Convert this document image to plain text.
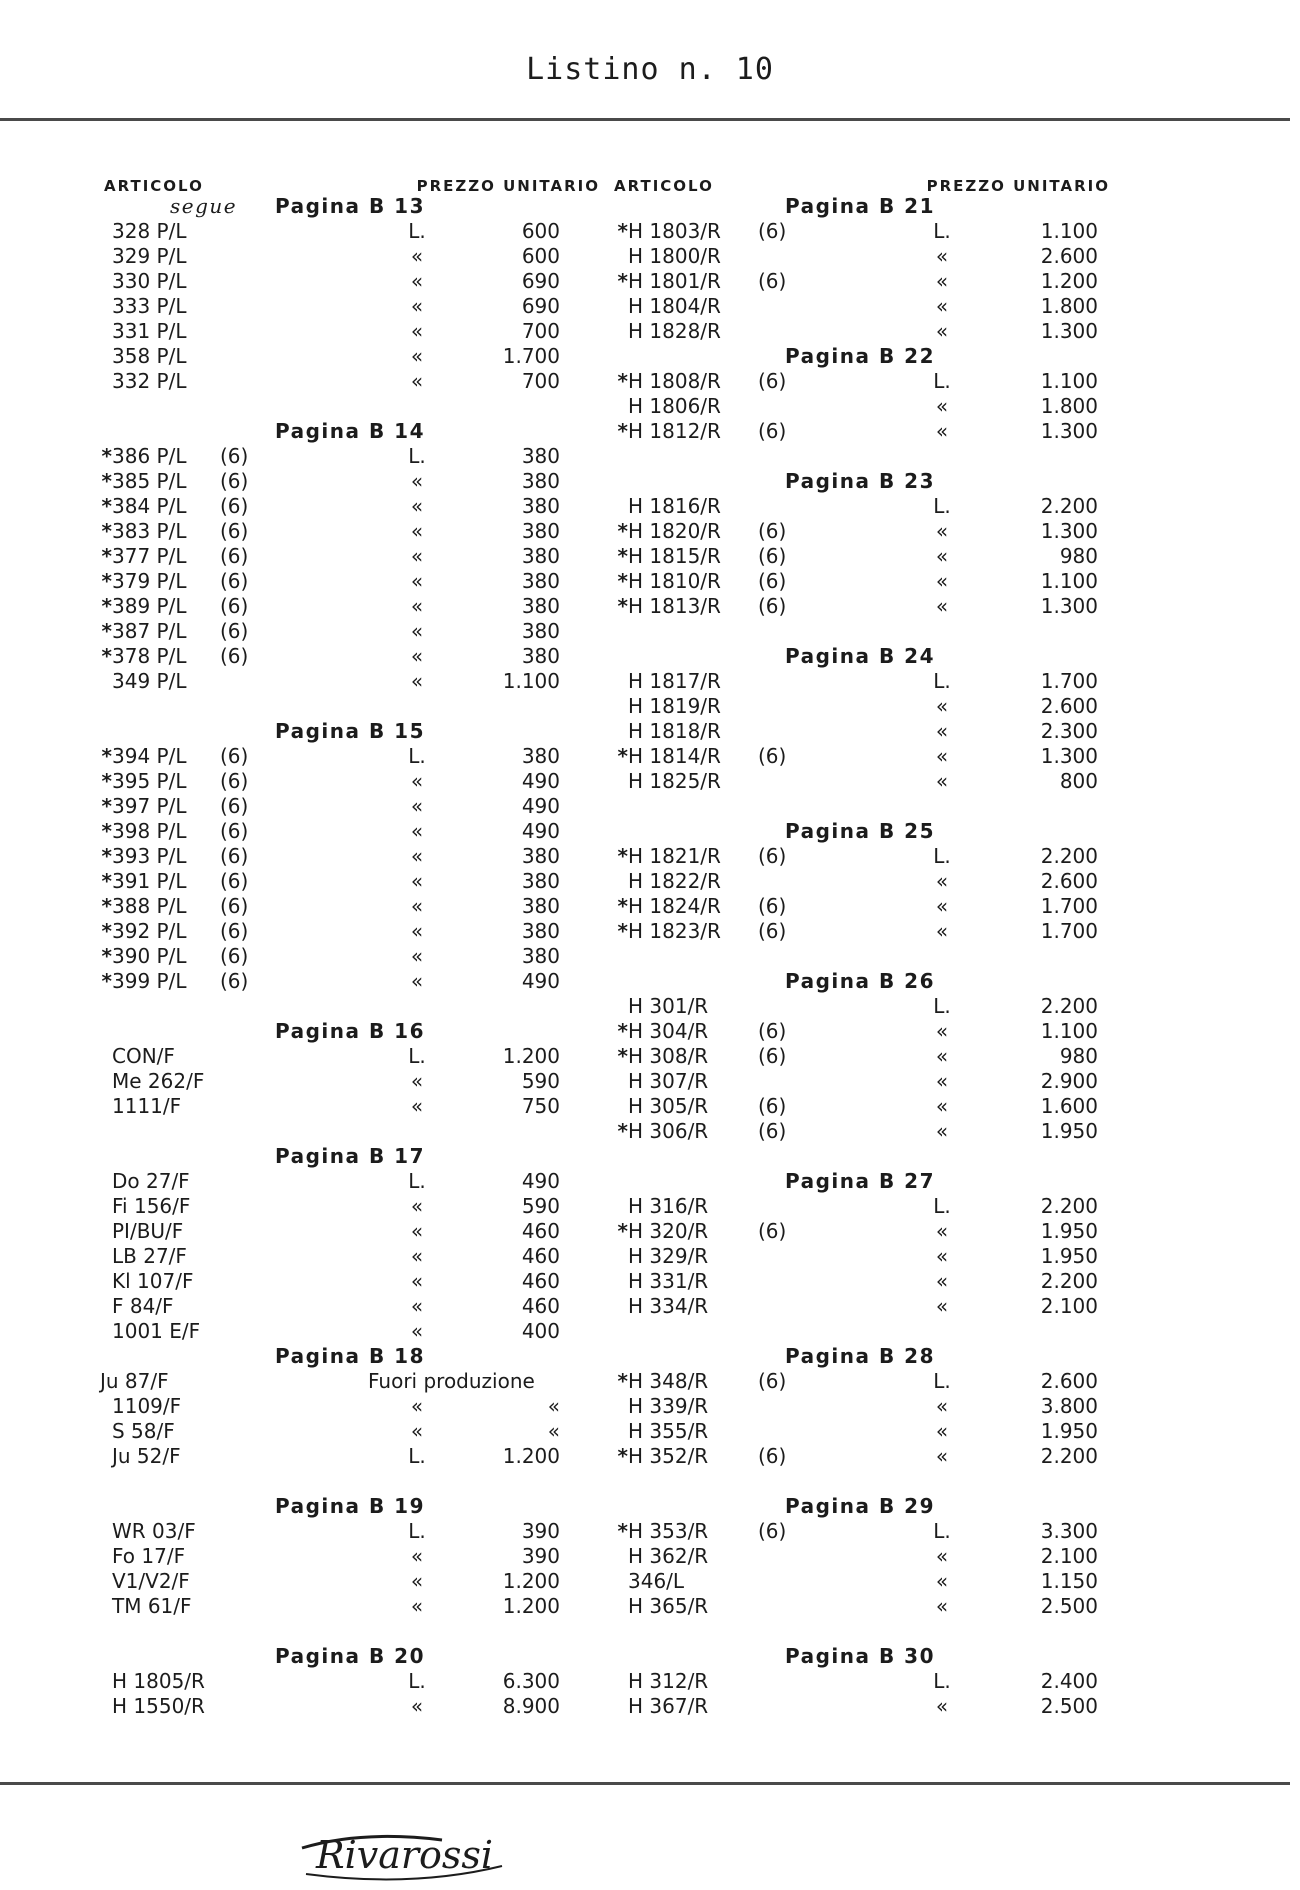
Listino n. 10
ARTICOLO	PREZZO UNITARIO
segue Pagina B 13
328 P/L	L.	600
329 P/L	«	600
330 P/L	«	690
333 P/L	«	690
331 P/L	«	700
358 P/L	«	1.700
332 P/L	«	700
Pagina B 14
*386 P/L (6)	L.	380
*385 P/L (6)	«	380
*384 P/L (6)	«	380
*383 P/L (6)	«	380
*377 P/L (6)	«	380
*379 P/L (6)	«	380
*389 P/L (6)	«	380
*387 P/L (6)	«	380
*378 P/L (6)	«	380
349 P/L	«	1.100
Pagina B 15
*394 P/L (6)	L.	380
*395 P/L (6)	«	490
*397 P/L (6)	«	490
*398 P/L (6)	«	490
*393 P/L (6)	«	380
*391 P/L (6)	«	380
*388 P/L (6)	«	380
*392 P/L (6)	«	380
*390 P/L (6)	«	380
*399 P/L (6)	«	490
Pagina B 16
CON/F	L.	1.200
Me 262/F	«	590
1111/F	«	750
Pagina B 17
Do 27/F	L.	490
Fi 156/F	«	590
PI/BU/F	«	460
LB 27/F	«	460
Kl 107/F	«	460
F 84/F	«	460
1001 E/F	«	400
Pagina B 18
Ju 87/F	Fuori produzione
1109/F	«	«
S 58/F	«	«
Ju 52/F	L.	1.200
Pagina B 19
WR 03/F	L.	390
Fo 17/F	«	390
V1/V2/F	«	1.200
TM 61/F	«	1.200
Pagina B 20
H 1805/R	L.	6.300
H 1550/R	«	8.900
ARTICOLO	PREZZO UNITARIO
Pagina B 21
*H 1803/R (6)	L.	1.100
H 1800/R	«	2.600
*H 1801/R (6)	«	1.200
H 1804/R	«	1.800
H 1828/R	«	1.300
Pagina B 22
*H 1808/R (6)	L.	1.100
H 1806/R	«	1.800
*H 1812/R (6)	«	1.300
Pagina B 23
H 1816/R	L.	2.200
*H 1820/R (6)	«	1.300
*H 1815/R (6)	«	980
*H 1810/R (6)	«	1.100
*H 1813/R (6)	«	1.300
Pagina B 24
H 1817/R	L.	1.700
H 1819/R	«	2.600
H 1818/R	«	2.300
*H 1814/R (6)	«	1.300
H 1825/R	«	800
Pagina B 25
*H 1821/R (6)	L.	2.200
H 1822/R	«	2.600
*H 1824/R (6)	«	1.700
*H 1823/R (6)	«	1.700
Pagina B 26
H 301/R	L.	2.200
*H 304/R (6)	«	1.100
*H 308/R (6)	«	980
H 307/R	«	2.900
H 305/R (6)	«	1.600
*H 306/R (6)	«	1.950
Pagina B 27
H 316/R	L.	2.200
*H 320/R (6)	«	1.950
H 329/R	«	1.950
H 331/R	«	2.200
H 334/R	«	2.100
Pagina B 28
*H 348/R (6)	L.	2.600
H 339/R	«	3.800
H 355/R	«	1.950
*H 352/R (6)	«	2.200
Pagina B 29
*H 353/R (6)	L.	3.300
H 362/R	«	2.100
346/L	«	1.150
H 365/R	«	2.500
Pagina B 30
H 312/R	L.	2.400
H 367/R	«	2.500
Rivarossi
